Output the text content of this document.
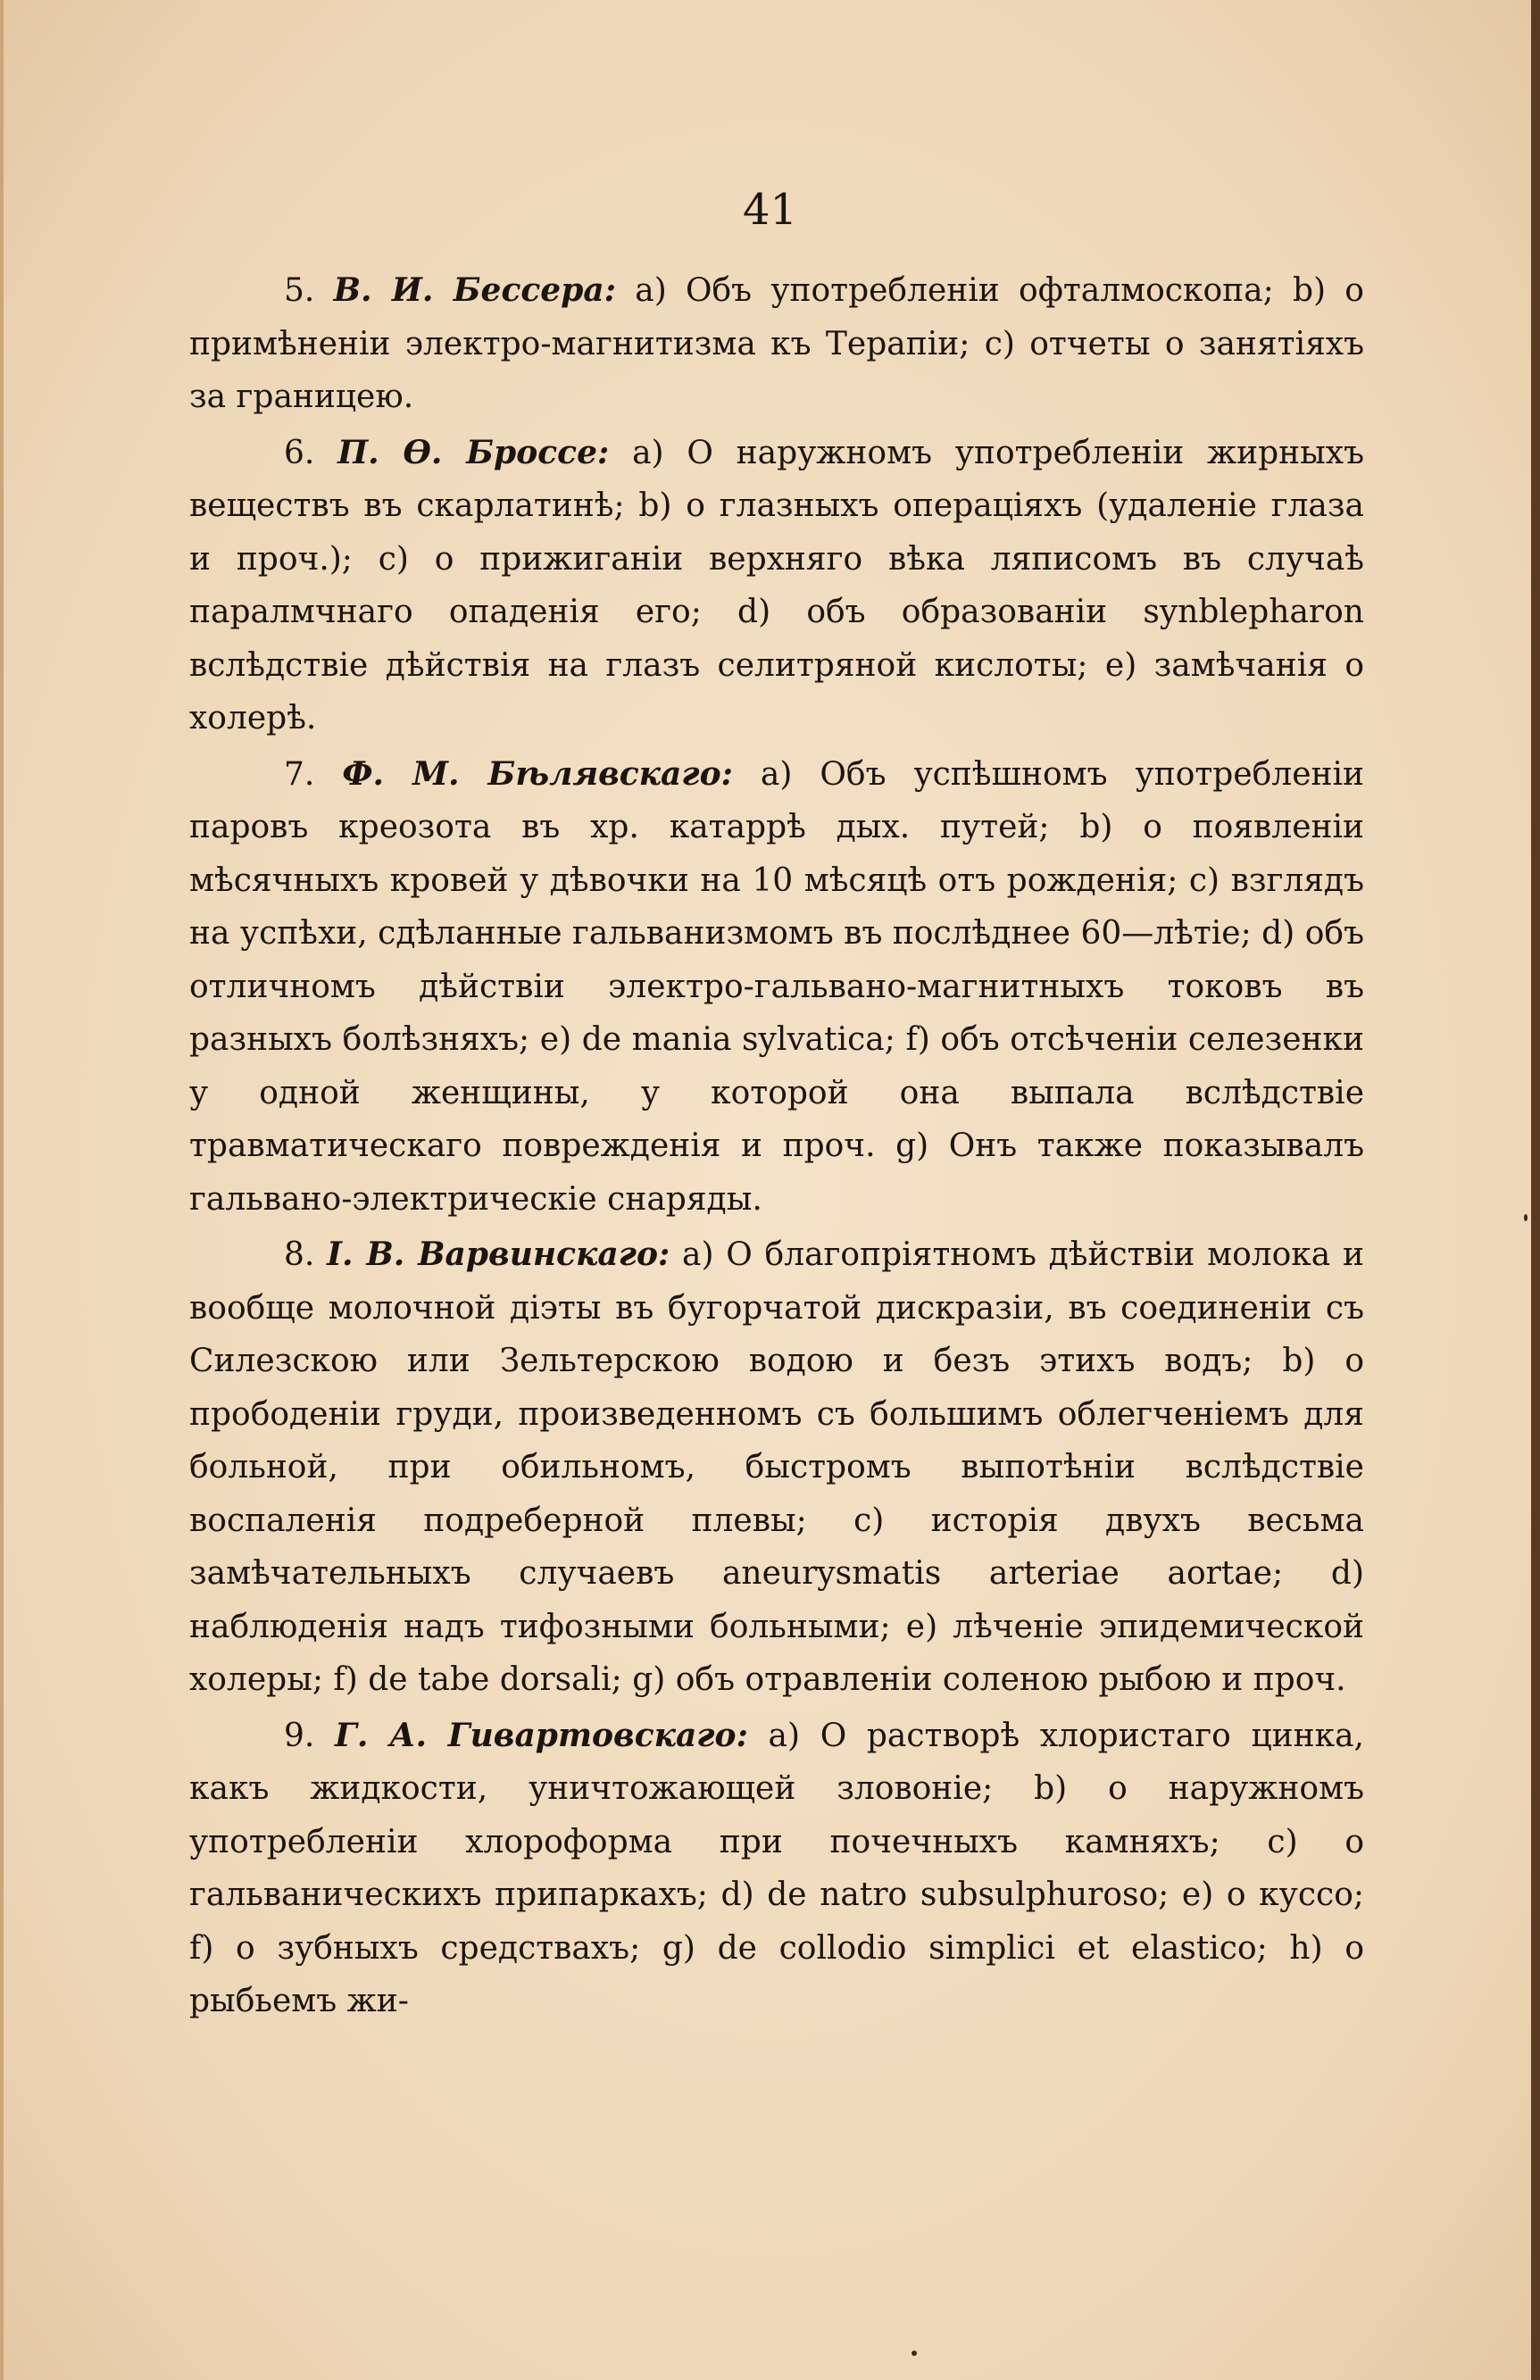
41

5. В. И. Бессера: a) Объ употребленіи офталмоскопа; b) о примѣненіи электро-магнитизма къ Терапіи; c) отчеты о занятіяхъ за границею.

6. П. Ѳ. Броссе: a) О наружномъ употребленіи жирныхъ веществъ въ скарлатинѣ; b) о глазныхъ операціяхъ (удаленіе глаза и проч.); c) о прижиганіи верхняго вѣка ляписомъ въ случаѣ паралмчнаго опаденія его; d) объ образованіи synblepharon вслѣдствіе дѣйствія на глазъ селитряной кислоты; e) замѣчанія о холерѣ.

7. Ф. М. Бѣлявскаго: a) Объ успѣшномъ употребленіи паровъ креозота въ хр. катаррѣ дых. путей; b) о появленіи мѣсячныхъ кровей у дѣвочки на 10 мѣсяцѣ отъ рожденія; c) взглядъ на успѣхи, сдѣланные гальванизмомъ въ послѣднее 60—лѣтіе; d) объ отличномъ дѣйствіи электро-гальвано-магнитныхъ токовъ въ разныхъ болѣзняхъ; e) de mania sylvatica; f) объ отсѣченіи селезенки у одной женщины, у которой она выпала вслѣдствіе травматическаго поврежденія и проч. g) Онъ также показывалъ гальвано-электрическіе снаряды.

8. І. В. Варвинскаго: a) О благопріятномъ дѣйствіи молока и вообще молочной діэты въ бугорчатой дискразіи, въ соединеніи съ Силезскою или Зельтерскою водою и безъ этихъ водъ; b) о прободеніи груди, произведенномъ съ большимъ облегченіемъ для больной, при обильномъ, быстромъ выпотѣніи вслѣдствіе воспаленія подреберной плевы; c) исторія двухъ весьма замѣчательныхъ случаевъ aneurysmatis arteriae aortae; d) наблюденія надъ тифозными больными; e) лѣченіе эпидемической холеры; f) de tabe dorsali; g) объ отравленіи соленою рыбою и проч.

9. Г. А. Гивартовскаго: a) О растворѣ хлористаго цинка, какъ жидкости, уничтожающей зловоніе; b) о наружномъ употребленіи хлороформа при почечныхъ камняхъ; c) о гальваническихъ припаркахъ; d) de natro subsulphuroso; e) о куссо; f) о зубныхъ средствахъ; g) de collodio simplici et elastico; h) о рыбьемъ жи-
